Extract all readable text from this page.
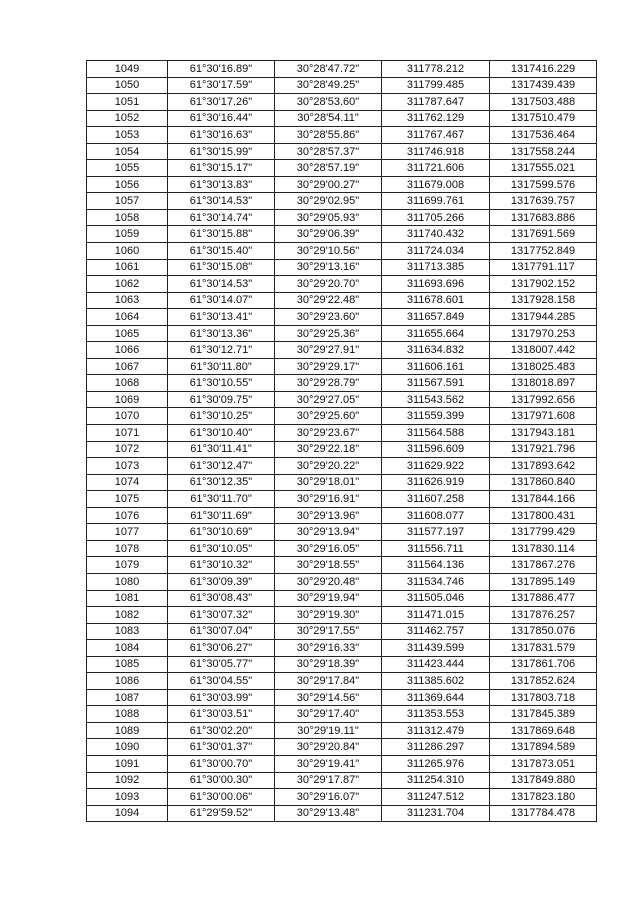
1049	61°30'16.89"	30°28'47.72"	311778.212	1317416.229
1050	61°30'17.59"	30°28'49.25"	311799.485	1317439.439
1051	61°30'17.26"	30°28'53.60"	311787.647	1317503.488
1052	61°30'16.44"	30°28'54.11"	311762.129	1317510.479
1053	61°30'16.63"	30°28'55.86"	311767.467	1317536.464
1054	61°30'15.99"	30°28'57.37"	311746.918	1317558.244
1055	61°30'15.17"	30°28'57.19"	311721.606	1317555.021
1056	61°30'13.83"	30°29'00.27"	311679.008	1317599.576
1057	61°30'14.53"	30°29'02.95"	311699.761	1317639.757
1058	61°30'14.74"	30°29'05.93"	311705.266	1317683.886
1059	61°30'15.88"	30°29'06.39"	311740.432	1317691.569
1060	61°30'15.40"	30°29'10.56"	311724.034	1317752.849
1061	61°30'15.08"	30°29'13.16"	311713.385	1317791.117
1062	61°30'14.53"	30°29'20.70"	311693.696	1317902.152
1063	61°30'14.07"	30°29'22.48"	311678.601	1317928.158
1064	61°30'13.41"	30°29'23.60"	311657.849	1317944.285
1065	61°30'13.36"	30°29'25.36"	311655.664	1317970.253
1066	61°30'12.71"	30°29'27.91"	311634.832	1318007.442
1067	61°30'11.80"	30°29'29.17"	311606.161	1318025.483
1068	61°30'10.55"	30°29'28.79"	311567.591	1318018.897
1069	61°30'09.75"	30°29'27.05"	311543.562	1317992.656
1070	61°30'10.25"	30°29'25.60"	311559.399	1317971.608
1071	61°30'10.40"	30°29'23.67"	311564.588	1317943.181
1072	61°30'11.41"	30°29'22.18"	311596.609	1317921.796
1073	61°30'12.47"	30°29'20.22"	311629.922	1317893.642
1074	61°30'12.35"	30°29'18.01"	311626.919	1317860.840
1075	61°30'11.70"	30°29'16.91"	311607.258	1317844.166
1076	61°30'11.69"	30°29'13.96"	311608.077	1317800.431
1077	61°30'10.69"	30°29'13.94"	311577.197	1317799.429
1078	61°30'10.05"	30°29'16.05"	311556.711	1317830.114
1079	61°30'10.32"	30°29'18.55"	311564.136	1317867.276
1080	61°30'09.39"	30°29'20.48"	311534.746	1317895.149
1081	61°30'08.43"	30°29'19.94"	311505.046	1317886.477
1082	61°30'07.32"	30°29'19.30"	311471.015	1317876.257
1083	61°30'07.04"	30°29'17.55"	311462.757	1317850.076
1084	61°30'06.27"	30°29'16.33"	311439.599	1317831.579
1085	61°30'05.77"	30°29'18.39"	311423.444	1317861.706
1086	61°30'04.55"	30°29'17.84"	311385.602	1317852.624
1087	61°30'03.99"	30°29'14.56"	311369.644	1317803.718
1088	61°30'03.51"	30°29'17.40"	311353.553	1317845.389
1089	61°30'02.20"	30°29'19.11"	311312.479	1317869.648
1090	61°30'01.37"	30°29'20.84"	311286.297	1317894.589
1091	61°30'00.70"	30°29'19.41"	311265.976	1317873.051
1092	61°30'00.30"	30°29'17.87"	311254.310	1317849.880
1093	61°30'00.06"	30°29'16.07"	311247.512	1317823.180
1094	61°29'59.52"	30°29'13.48"	311231.704	1317784.478
